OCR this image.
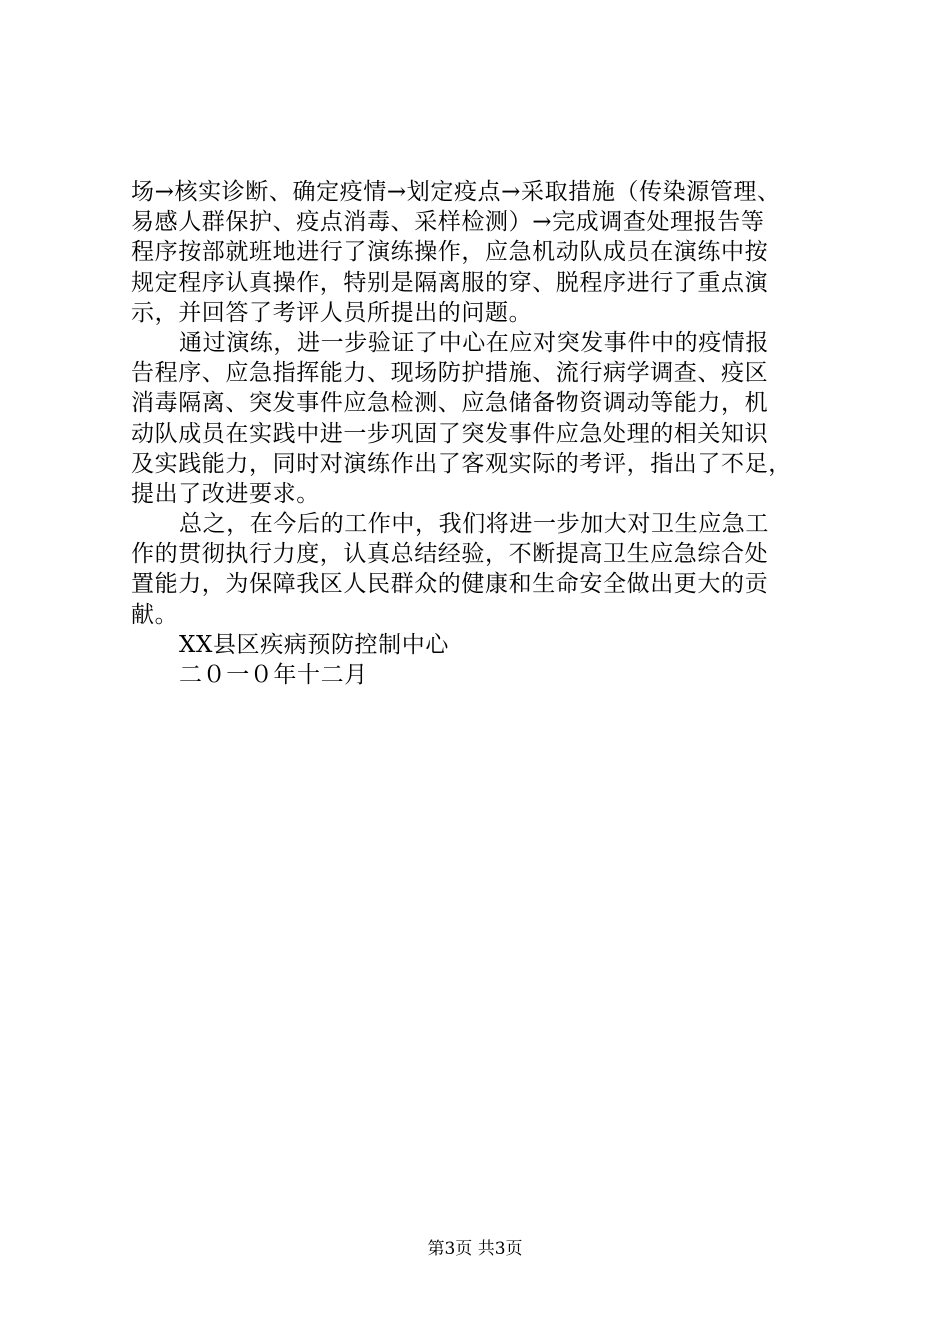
场→核实诊断、确定疫情→划定疫点→采取措施（传染源管理、
易感人群保护、疫点消毒、采样检测）→完成调查处理报告等
程序按部就班地进行了演练操作，应急机动队成员在演练中按
规定程序认真操作，特别是隔离服的穿、脱程序进行了重点演
示，并回答了考评人员所提出的问题。
通过演练，进一步验证了中心在应对突发事件中的疫情报
告程序、应急指挥能力、现场防护措施、流行病学调查、疫区
消毒隔离、突发事件应急检测、应急储备物资调动等能力，机
动队成员在实践中进一步巩固了突发事件应急处理的相关知识
及实践能力，同时对演练作出了客观实际的考评，指出了不足，
提出了改进要求。
总之，在今后的工作中，我们将进一步加大对卫生应急工
作的贯彻执行力度，认真总结经验，不断提高卫生应急综合处
置能力，为保障我区人民群众的健康和生命安全做出更大的贡
献。
XX县区疾病预防控制中心
二０一０年十二月
第3页 共3页
